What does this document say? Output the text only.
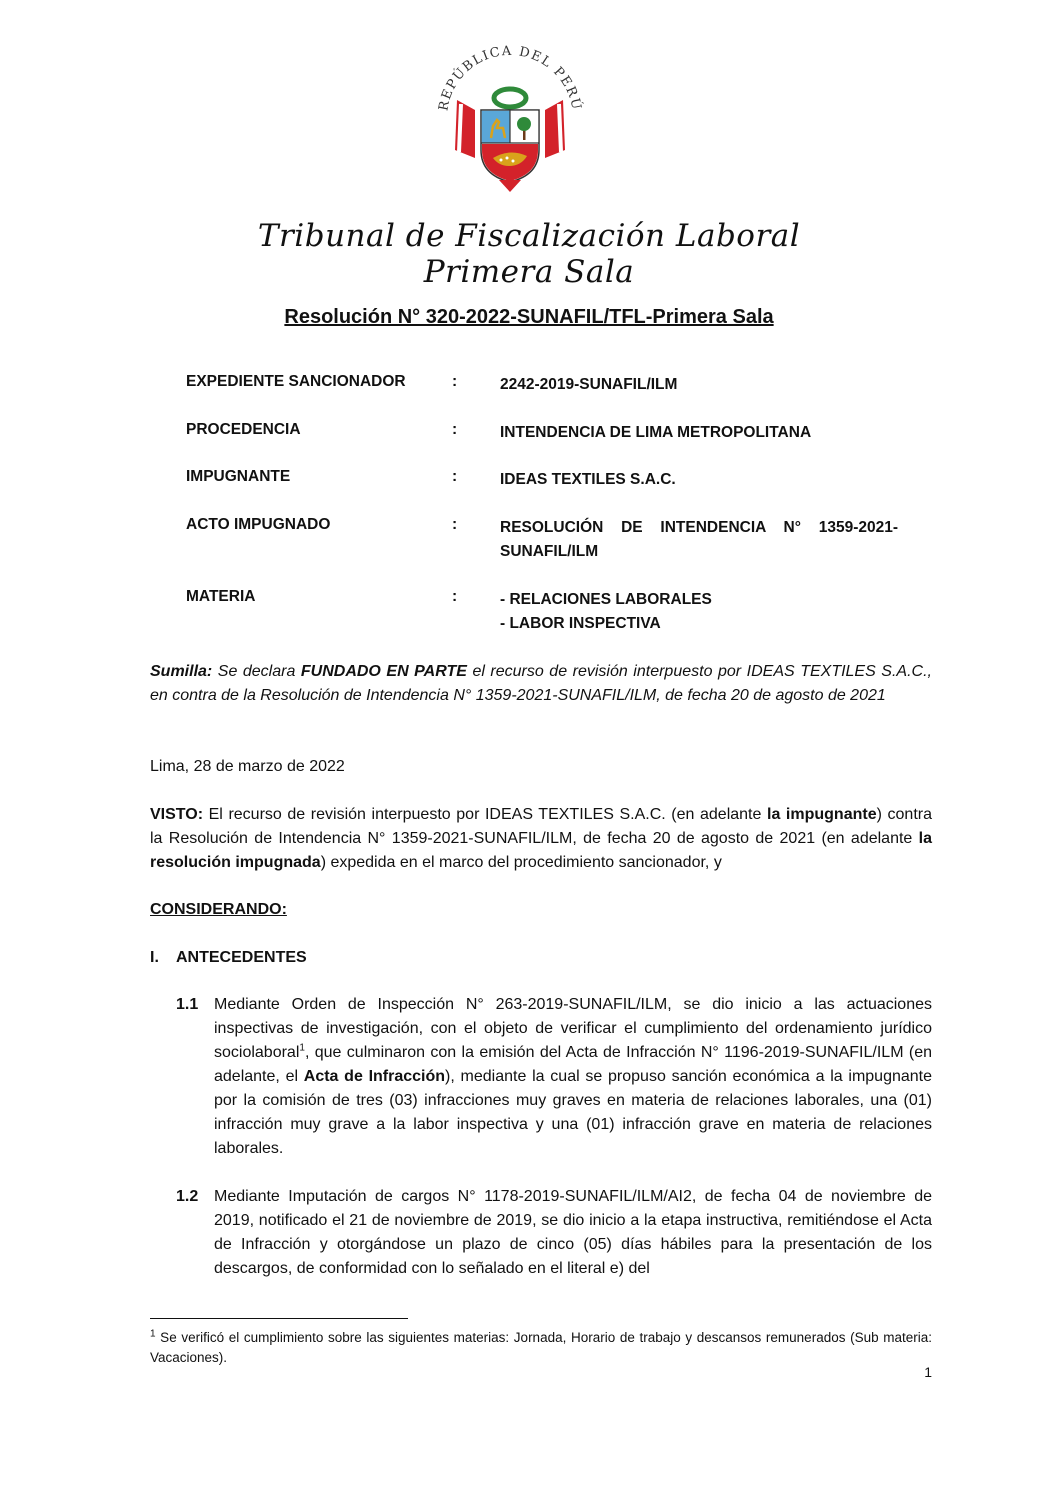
REPÚBLICA DEL PERÚ
Tribunal de Fiscalización Laboral
Primera Sala
Resolución N° 320-2022-SUNAFIL/TFL-Primera Sala
EXPEDIENTE SANCIONADOR	:	2242-2019-SUNAFIL/ILM
PROCEDENCIA	:	INTENDENCIA DE LIMA METROPOLITANA
IMPUGNANTE	:	IDEAS TEXTILES S.A.C.
ACTO IMPUGNADO	:	RESOLUCIÓN DE INTENDENCIA N° 1359-2021-SUNAFIL/ILM
MATERIA	:	- RELACIONES LABORALES
- LABOR INSPECTIVA
Sumilla: Se declara FUNDADO EN PARTE el recurso de revisión interpuesto por IDEAS TEXTILES S.A.C., en contra de la Resolución de Intendencia N° 1359-2021-SUNAFIL/ILM, de fecha 20 de agosto de 2021
Lima, 28 de marzo de 2022
VISTO: El recurso de revisión interpuesto por IDEAS TEXTILES S.A.C. (en adelante la impugnante) contra la Resolución de Intendencia N° 1359-2021-SUNAFIL/ILM, de fecha 20 de agosto de 2021 (en adelante la resolución impugnada) expedida en el marco del procedimiento sancionador, y
CONSIDERANDO:
I. ANTECEDENTES
1.1 Mediante Orden de Inspección N° 263-2019-SUNAFIL/ILM, se dio inicio a las actuaciones inspectivas de investigación, con el objeto de verificar el cumplimiento del ordenamiento jurídico sociolaboral$^1$, que culminaron con la emisión del Acta de Infracción N° 1196-2019-SUNAFIL/ILM (en adelante, el Acta de Infracción), mediante la cual se propuso sanción económica a la impugnante por la comisión de tres (03) infracciones muy graves en materia de relaciones laborales, una (01) infracción muy grave a la labor inspectiva y una (01) infracción grave en materia de relaciones laborales.
1.2 Mediante Imputación de cargos N° 1178-2019-SUNAFIL/ILM/AI2, de fecha 04 de noviembre de 2019, notificado el 21 de noviembre de 2019, se dio inicio a la etapa instructiva, remitiéndose el Acta de Infracción y otorgándose un plazo de cinco (05) días hábiles para la presentación de los descargos, de conformidad con lo señalado en el literal e) del
$^1$ Se verificó el cumplimiento sobre las siguientes materias: Jornada, Horario de trabajo y descansos remunerados (Sub materia: Vacaciones).
1
